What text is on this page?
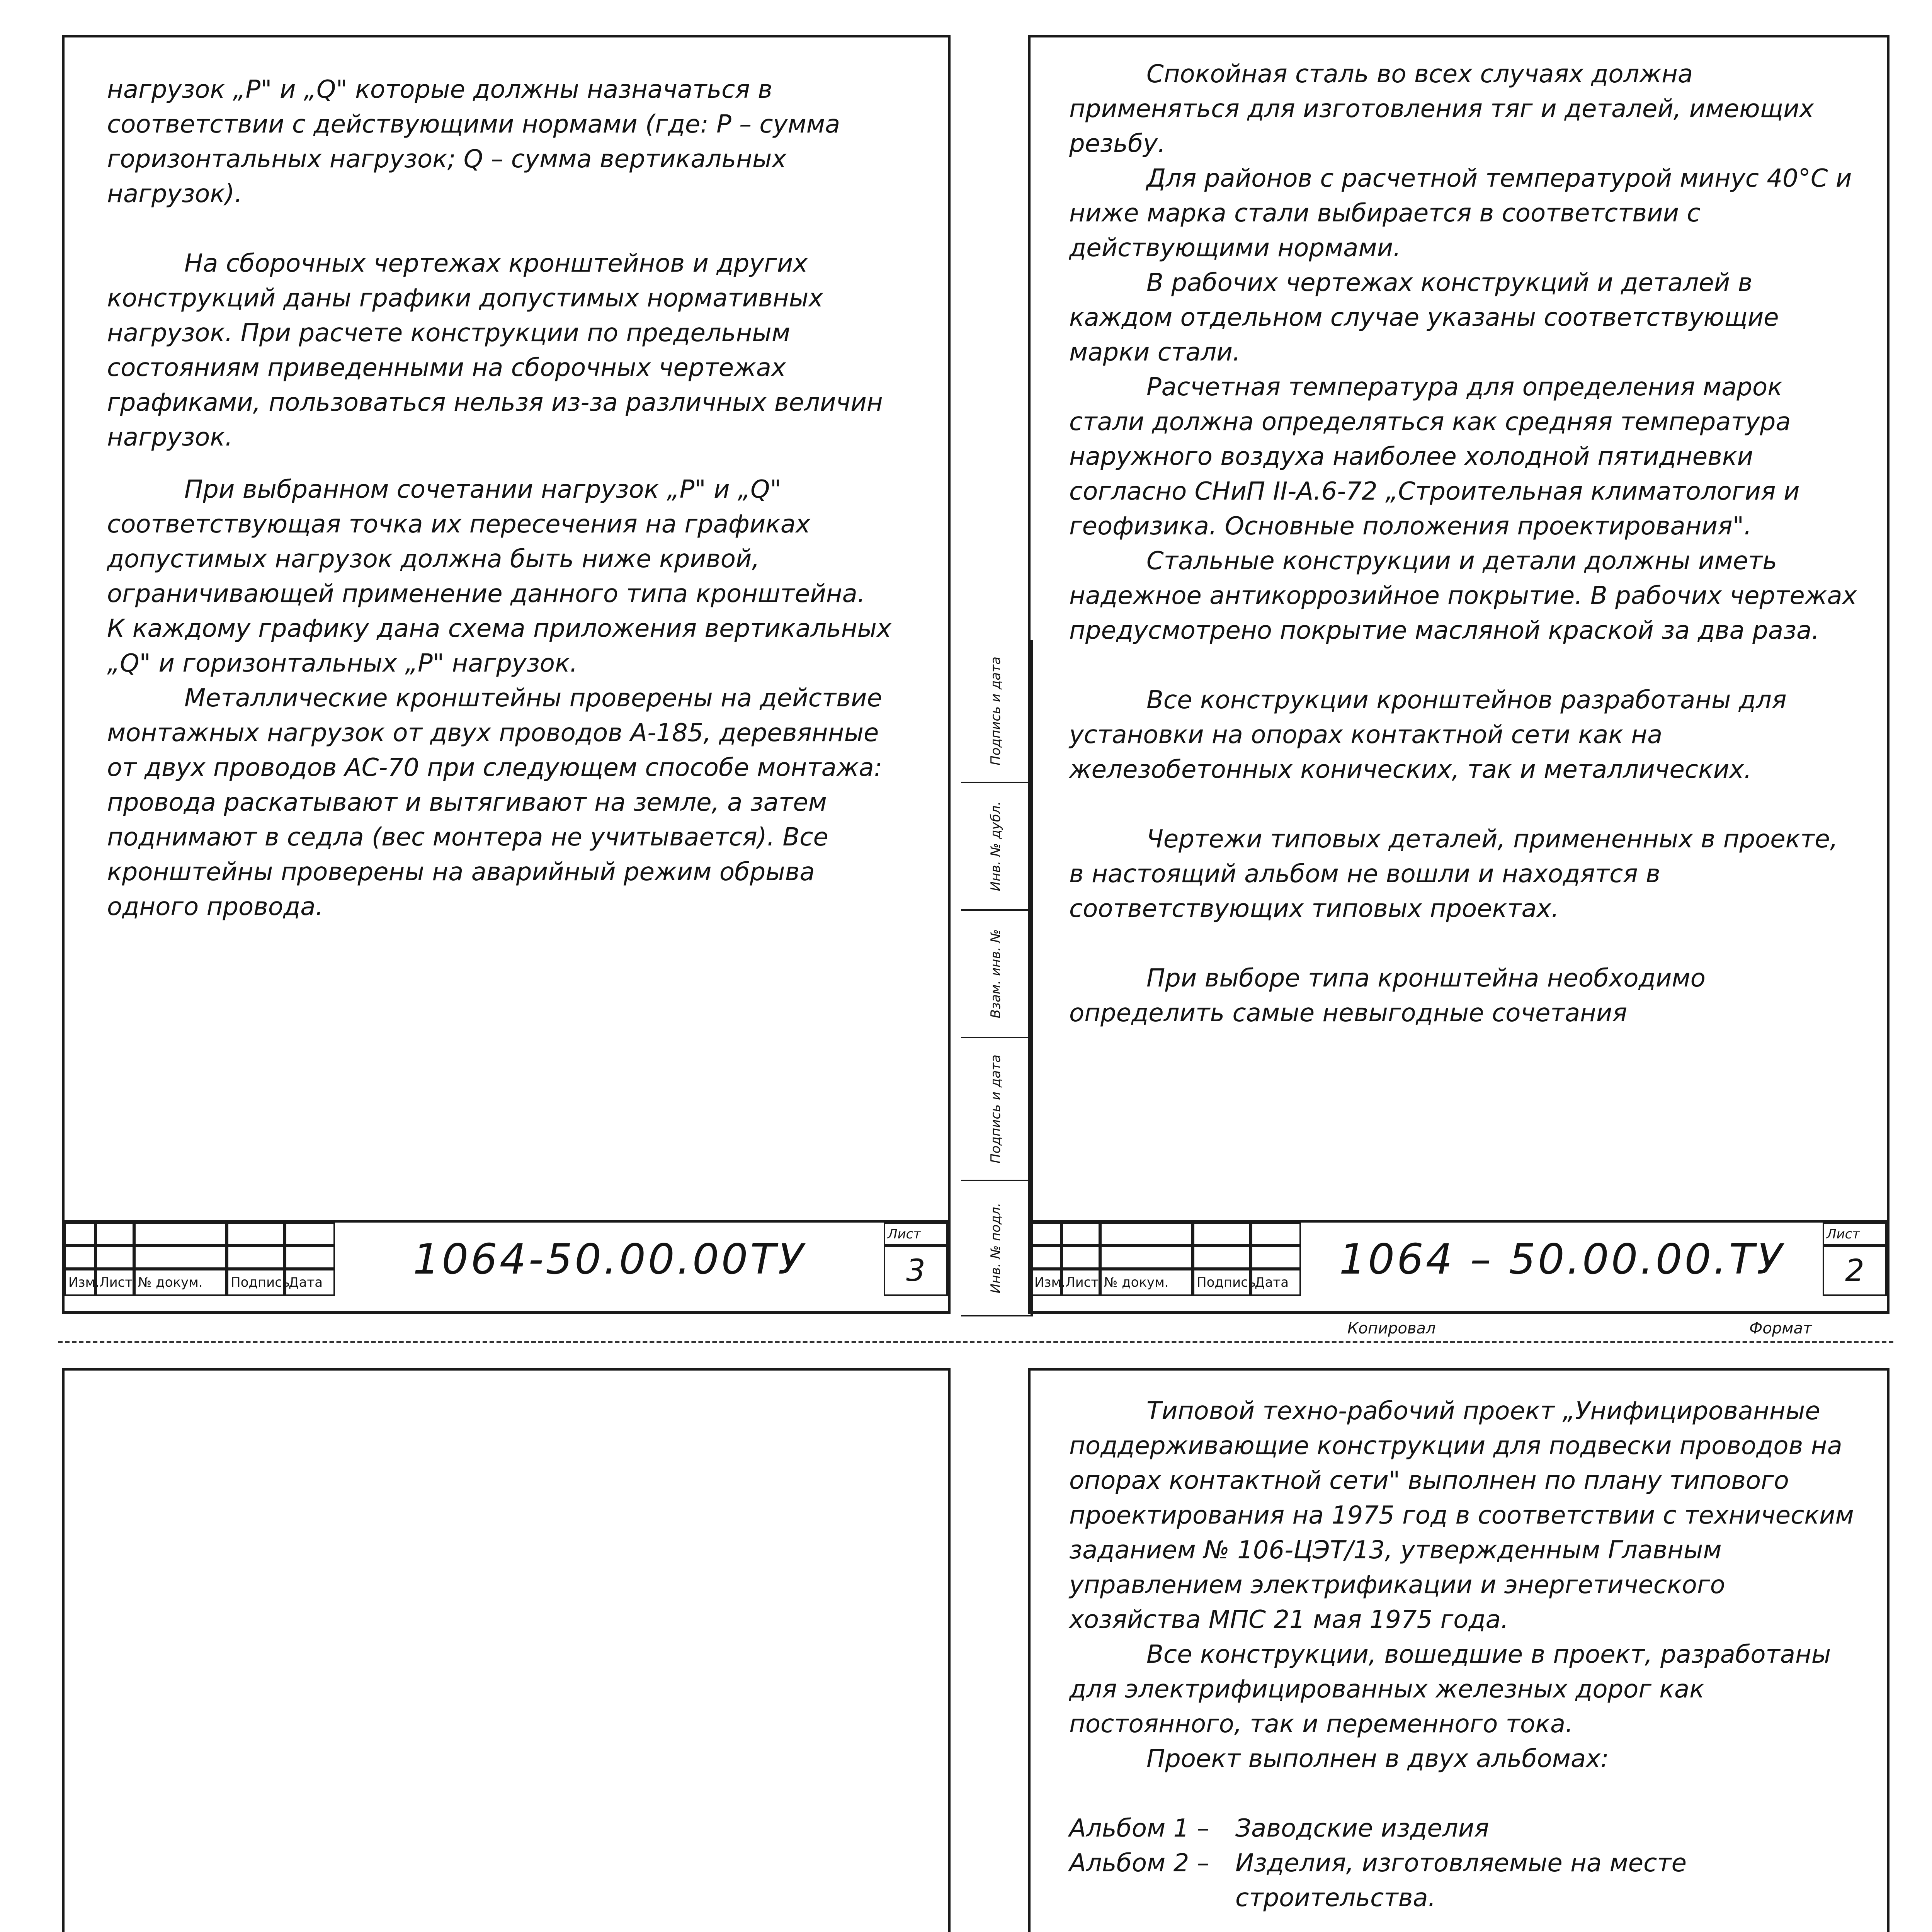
нагрузок „Р" и „Q" которые должны назначаться в соответствии с действующими нормами (где: Р – сумма горизонтальных нагрузок; Q – сумма вертикальных нагрузок).

На сборочных чертежах кронштейнов и других конструкций даны графики допустимых нормативных нагрузок. При расчете конструкции по предельным состояниям приведенными на сборочных чертежах графиками, пользоваться нельзя из-за различных величин нагрузок.

При выбранном сочетании нагрузок „Р" и „Q" соответствующая точка их пересечения на графиках допустимых нагрузок должна быть ниже кривой, ограничивающей применение данного типа кронштейна.

К каждому графику дана схема приложения вертикальных „Q" и горизонтальных „Р" нагрузок.

Металлические кронштейны проверены на действие монтажных нагрузок от двух проводов А-185, деревянные от двух проводов АС-70 при следующем способе монтажа: провода раскатывают и вытягивают на земле, а затем поднимают в седла (вес монтера не учитывается). Все кронштейны проверены на аварийный режим обрыва одного провода.

Изм. Лист № докум.	Подпись
Дата	1064-50.00.00ТУ
Лист
3
Подпись и дата
Инв. № дубл.
Взам. инв. №
Подпись и дата
Инв. № подл.

Спокойная сталь во всех случаях должна применяться для изготовления тяг и деталей, имеющих резьбу.

Для районов с расчетной температурой минус 40°С и ниже марка стали выбирается в соответствии с действующими нормами.

В рабочих чертежах конструкций и деталей в каждом отдельном случае указаны соответствующие марки стали.

Расчетная температура для определения марок стали должна определяться как средняя температура наружного воздуха наиболее холодной пятидневки согласно СНиП II-А.6-72 „Строительная климатология и геофизика. Основные положения проектирования".

Стальные конструкции и детали должны иметь надежное антикоррозийное покрытие. В рабочих чертежах предусмотрено покрытие масляной краской за два раза.

Все конструкции кронштейнов разработаны для установки на опорах контактной сети как на железобетонных конических, так и металлических.

Чертежи типовых деталей, примененных в проекте, в настоящий альбом не вошли и находятся в соответствующих типовых проектах.

При выборе типа кронштейна необходимо определить самые невыгодные сочетания

Изм. Лист № докум.	Подпись
Дата	1064 – 50.00.00.ТУ
Лист
2
Копировал	Формат

Типовой техно-рабочий проект „Унифицированные поддерживающие конструкции для подвески проводов на опорах контактной сети" выполнен по плану типового проектирования на 1975 год в соответствии с техническим заданием № 106-ЦЭТ/13, утвержденным Главным управлением электрификации и энергетического хозяйства МПС 21 мая 1975 года.

Все конструкции, вошедшие в проект, разработаны для электрифицированных железных дорог как постоянного, так и переменного тока.

Проект выполнен в двух альбомах:

Альбом 1 –	Заводские изделия
Альбом 2 –	Изделия, изготовляемые на месте строительства.
